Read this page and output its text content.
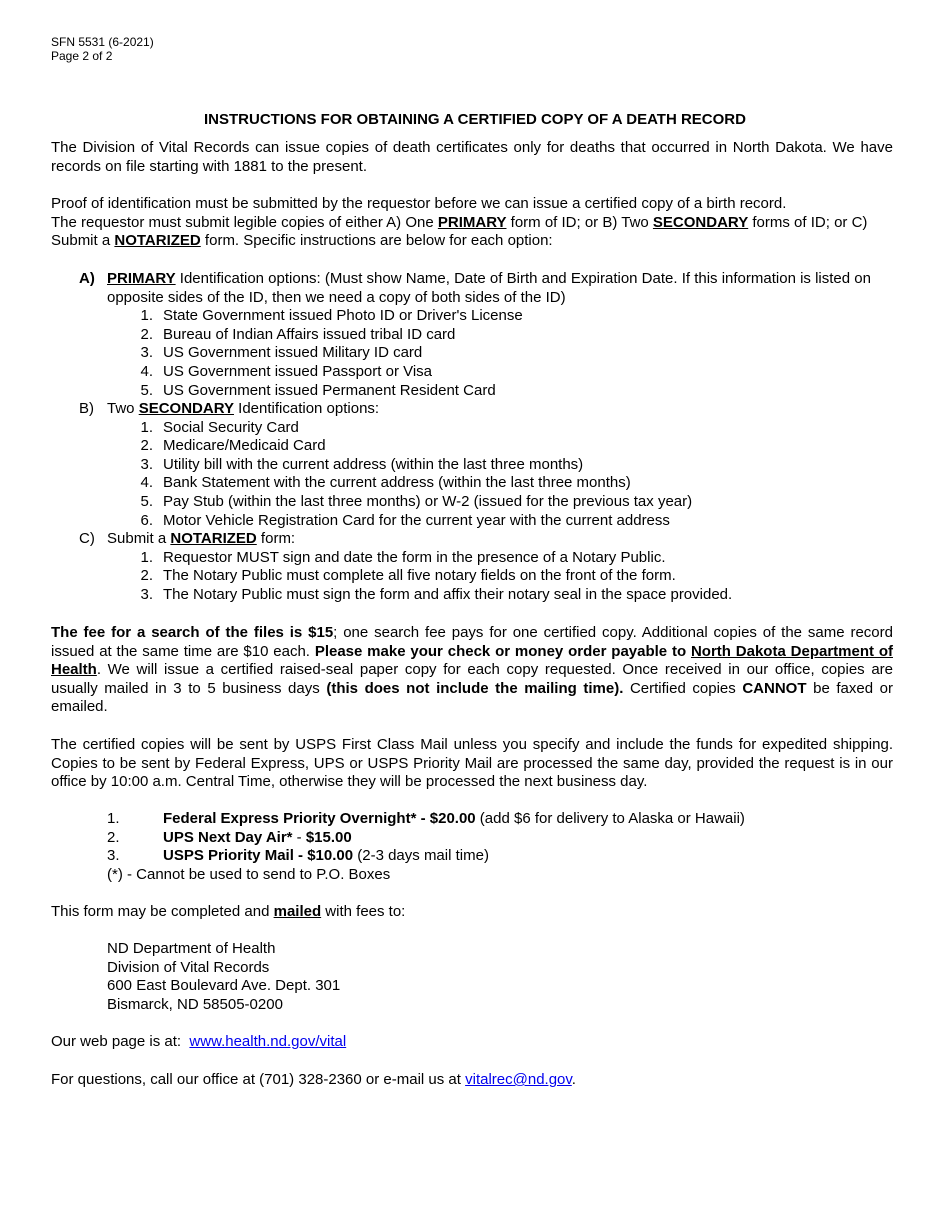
SFN 5531 (6-2021)
Page 2 of 2
INSTRUCTIONS FOR OBTAINING A CERTIFIED COPY OF A DEATH RECORD
The Division of Vital Records can issue copies of death certificates only for deaths that occurred in North Dakota. We have records on file starting with 1881 to the present.
Proof of identification must be submitted by the requestor before we can issue a certified copy of a birth record.
The requestor must submit legible copies of either A) One PRIMARY form of ID; or B) Two SECONDARY forms of ID; or C) Submit a NOTARIZED form. Specific instructions are below for each option:
A) PRIMARY Identification options: (Must show Name, Date of Birth and Expiration Date. If this information is listed on opposite sides of the ID, then we need a copy of both sides of the ID)
1. State Government issued Photo ID or Driver's License
2. Bureau of Indian Affairs issued tribal ID card
3. US Government issued Military ID card
4. US Government issued Passport or Visa
5. US Government issued Permanent Resident Card
B) Two SECONDARY Identification options:
1. Social Security Card
2. Medicare/Medicaid Card
3. Utility bill with the current address (within the last three months)
4. Bank Statement with the current address (within the last three months)
5. Pay Stub (within the last three months) or W-2 (issued for the previous tax year)
6. Motor Vehicle Registration Card for the current year with the current address
C) Submit a NOTARIZED form:
1. Requestor MUST sign and date the form in the presence of a Notary Public.
2. The Notary Public must complete all five notary fields on the front of the form.
3. The Notary Public must sign the form and affix their notary seal in the space provided.
The fee for a search of the files is $15; one search fee pays for one certified copy. Additional copies of the same record issued at the same time are $10 each. Please make your check or money order payable to North Dakota Department of Health. We will issue a certified raised-seal paper copy for each copy requested. Once received in our office, copies are usually mailed in 3 to 5 business days (this does not include the mailing time). Certified copies CANNOT be faxed or emailed.
The certified copies will be sent by USPS First Class Mail unless you specify and include the funds for expedited shipping. Copies to be sent by Federal Express, UPS or USPS Priority Mail are processed the same day, provided the request is in our office by 10:00 a.m. Central Time, otherwise they will be processed the next business day.
1.	Federal Express Priority Overnight* - $20.00 (add $6 for delivery to Alaska or Hawaii)
2.	UPS Next Day Air* - $15.00
3.	USPS Priority Mail - $10.00 (2-3 days mail time)
(*) - Cannot be used to send to P.O. Boxes
This form may be completed and mailed with fees to:
ND Department of Health
Division of Vital Records
600 East Boulevard Ave. Dept. 301
Bismarck, ND 58505-0200
Our web page is at:  www.health.nd.gov/vital
For questions, call our office at (701) 328-2360 or e-mail us at vitalrec@nd.gov.
